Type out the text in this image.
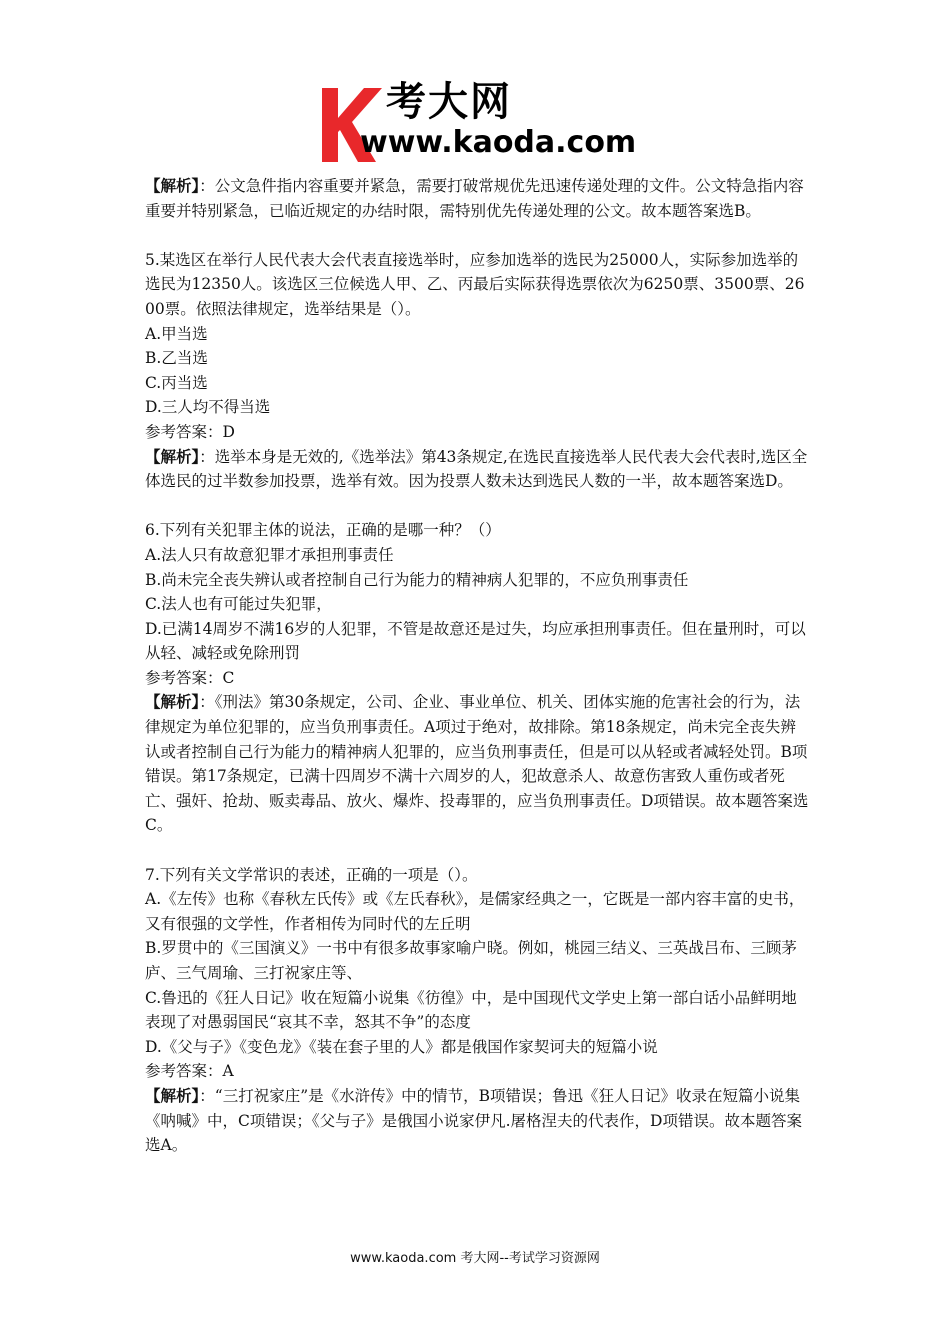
考大网
www.kaoda.com

【解析】：公文急件指内容重要并紧急，需要打破常规优先迅速传递处理的文件。公文特急指内容重要并特别紧急，已临近规定的办结时限，需特别优先传递处理的公文。故本题答案选B。

5.某选区在举行人民代表大会代表直接选举时，应参加选举的选民为25000人，实际参加选举的选民为12350人。该选区三位候选人甲、乙、丙最后实际获得选票依次为6250票、3500票、2600票。依照法律规定，选举结果是（）。

A.甲当选

B.乙当选

C.丙当选

D.三人均不得当选

参考答案：D

【解析】：选举本身是无效的,《选举法》第43条规定,在选民直接选举人民代表大会代表时,选区全体选民的过半数参加投票，选举有效。因为投票人数未达到选民人数的一半，故本题答案选D。

6.下列有关犯罪主体的说法，正确的是哪一种？（）

A.法人只有故意犯罪才承担刑事责任

B.尚未完全丧失辨认或者控制自己行为能力的精神病人犯罪的，不应负刑事责任

C.法人也有可能过失犯罪，

D.已满14周岁不满16岁的人犯罪，不管是故意还是过失，均应承担刑事责任。但在量刑时，可以从轻、减轻或免除刑罚

参考答案：C

【解析】：《刑法》第30条规定，公司、企业、事业单位、机关、团体实施的危害社会的行为，法律规定为单位犯罪的，应当负刑事责任。A项过于绝对，故排除。第18条规定，尚未完全丧失辨认或者控制自己行为能力的精神病人犯罪的，应当负刑事责任，但是可以从轻或者减轻处罚。B项错误。第17条规定，已满十四周岁不满十六周岁的人，犯故意杀人、故意伤害致人重伤或者死亡、强奸、抢劫、贩卖毒品、放火、爆炸、投毒罪的，应当负刑事责任。D项错误。故本题答案选C。

7.下列有关文学常识的表述，正确的一项是（）。

A.《左传》也称《春秋左氏传》或《左氏春秋》，是儒家经典之一，它既是一部内容丰富的史书，又有很强的文学性，作者相传为同时代的左丘明

B.罗贯中的《三国演义》一书中有很多故事家喻户晓。例如，桃园三结义、三英战吕布、三顾茅庐、三气周瑜、三打祝家庄等、

C.鲁迅的《狂人日记》收在短篇小说集《彷徨》中，是中国现代文学史上第一部白话小品鲜明地表现了对愚弱国民“哀其不幸，怒其不争”的态度

D.《父与子》《变色龙》《装在套子里的人》都是俄国作家契诃夫的短篇小说

参考答案：A

【解析】：“三打祝家庄”是《水浒传》中的情节，B项错误；鲁迅《狂人日记》收录在短篇小说集《呐喊》中，C项错误；《父与子》是俄国小说家伊凡.屠格涅夫的代表作，D项错误。故本题答案选A。

www.kaoda.com 考大网--考试学习资源网
